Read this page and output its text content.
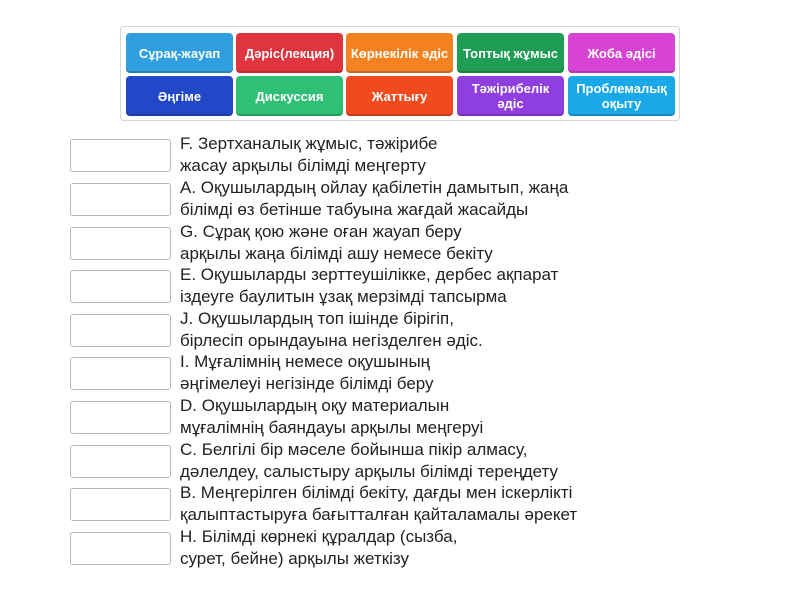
Сұрақ-жауап	Дәріс(лекция)	Көрнекілік әдіс	Топтық жұмыс	Жоба әдісі
Әңгіме	Дискуссия	Жаттығу	Тәжірибелік әдіс
Проблемалық оқыту
F. Зертханалық жұмыс, тәжірибе
жасау арқылы білімді меңгерту
A. Оқушылардың ойлау қабілетін дамытып, жаңа
білімді өз бетінше табуына жағдай жасайды
G. Сұрақ қою және оған жауап беру
арқылы жаңа білімді ашу немесе бекіту
E. Оқушыларды зерттеушілікке, дербес ақпарат
іздеуге баулитын ұзақ мерзімді тапсырма
J. Оқушылардың топ ішінде бірігіп,
бірлесіп орындауына негізделген әдіс.
I. Мұғалімнің немесе оқушының
әңгімелеуі негізінде білімді беру
D. Оқушылардың оқу материалын
мұғалімнің баяндауы арқылы меңгеруі
C. Белгілі бір мәселе бойынша пікір алмасу,
дәлелдеу, салыстыру арқылы білімді тереңдету
B. Меңгерілген білімді бекіту, дағды мен іскерлікті
қалыптастыруға бағытталған қайталамалы әрекет
H. Білімді көрнекі құралдар (сызба,
сурет, бейне) арқылы жеткізу
